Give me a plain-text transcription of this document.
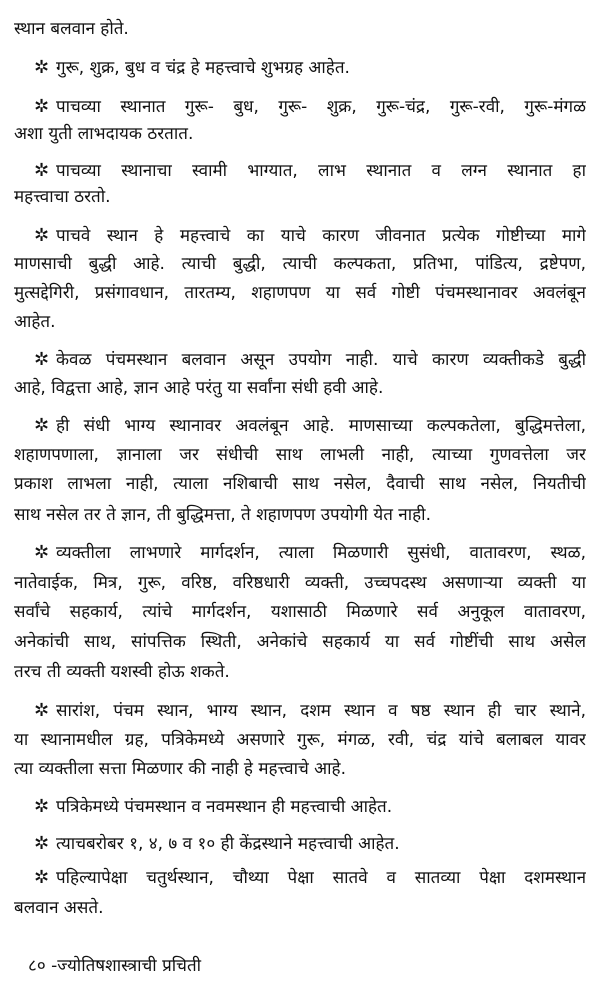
स्थान बलवान होते.
✲ गुरू, शुक्र, बुध व चंद्र हे महत्त्वाचे शुभग्रह आहेत.
✲ पाचव्या स्थानात गुरू- बुध, गुरू- शुक्र, गुरू-चंद्र, गुरू-रवी, गुरू-मंगळ
अशा युती लाभदायक ठरतात.
✲ पाचव्या स्थानाचा स्वामी भाग्यात, लाभ स्थानात व लग्न स्थानात हा
महत्त्वाचा ठरतो.
✲ पाचवे स्थान हे महत्त्वाचे का याचे कारण जीवनात प्रत्येक गोष्टीच्या मागे
माणसाची बुद्धी आहे. त्याची बुद्धी, त्याची कल्पकता, प्रतिभा, पांडित्य, द्रष्टेपण,
मुत्सद्देगिरी, प्रसंगावधान, तारतम्य, शहाणपण या सर्व गोष्टी पंचमस्थानावर अवलंबून
आहेत.
✲ केवळ पंचमस्थान बलवान असून उपयोग नाही. याचे कारण व्यक्तीकडे बुद्धी
आहे, विद्वत्ता आहे, ज्ञान आहे परंतु या सर्वांना संधी हवी आहे.
✲ ही संधी भाग्य स्थानावर अवलंबून आहे. माणसाच्या कल्पकतेला, बुद्धिमत्तेला,
शहाणपणाला, ज्ञानाला जर संधीची साथ लाभली नाही, त्याच्या गुणवत्तेला जर
प्रकाश लाभला नाही, त्याला नशिबाची साथ नसेल, दैवाची साथ नसेल, नियतीची
साथ नसेल तर ते ज्ञान, ती बुद्धिमत्ता, ते शहाणपण उपयोगी येत नाही.
✲ व्यक्तीला लाभणारे मार्गदर्शन, त्याला मिळणारी सुसंधी, वातावरण, स्थळ,
नातेवाईक, मित्र, गुरू, वरिष्ठ, वरिष्ठधारी व्यक्ती, उच्चपदस्थ असणाऱ्या व्यक्ती या
सर्वांचे सहकार्य, त्यांचे मार्गदर्शन, यशासाठी मिळणारे सर्व अनुकूल वातावरण,
अनेकांची साथ, सांपत्तिक स्थिती, अनेकांचे सहकार्य या सर्व गोष्टींची साथ असेल
तरच ती व्यक्ती यशस्वी होऊ शकते.
✲ सारांश, पंचम स्थान, भाग्य स्थान, दशम स्थान व षष्ठ स्थान ही चार स्थाने,
या स्थानामधील ग्रह, पत्रिकेमध्ये असणारे गुरू, मंगळ, रवी, चंद्र यांचे बलाबल यावर
त्या व्यक्तीला सत्ता मिळणार की नाही हे महत्त्वाचे आहे.
✲ पत्रिकेमध्ये पंचमस्थान व नवमस्थान ही महत्त्वाची आहेत.
✲ त्याचबरोबर १, ४, ७ व १० ही केंद्रस्थाने महत्त्वाची आहेत.
✲ पहिल्यापेक्षा चतुर्थस्थान, चौथ्या पेक्षा सातवे व सातव्या पेक्षा दशमस्थान
बलवान असते.
८० -ज्योतिषशास्त्राची प्रचिती
